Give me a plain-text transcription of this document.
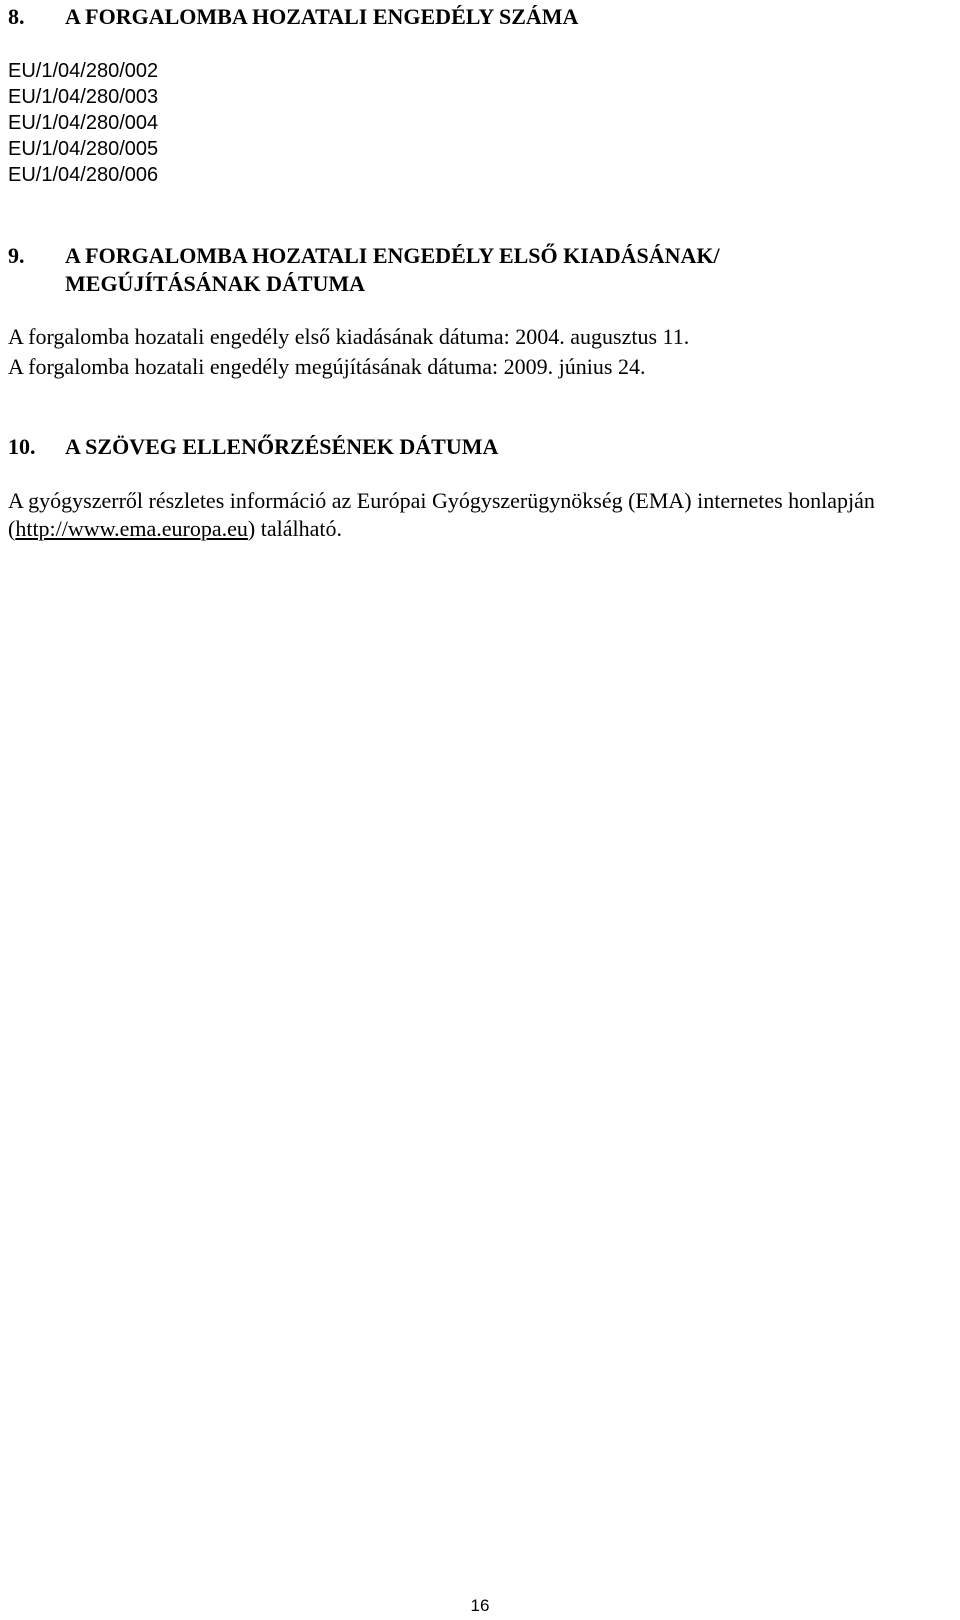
8. A FORGALOMBA HOZATALI ENGEDÉLY SZÁMA
EU/1/04/280/002
EU/1/04/280/003
EU/1/04/280/004
EU/1/04/280/005
EU/1/04/280/006
9. A FORGALOMBA HOZATALI ENGEDÉLY ELSŐ KIADÁSÁNAK/
MEGÚJÍTÁSÁNAK DÁTUMA
A forgalomba hozatali engedély első kiadásának dátuma: 2004. augusztus 11.
A forgalomba hozatali engedély megújításának dátuma: 2009. június 24.
10. A SZÖVEG ELLENŐRZÉSÉNEK DÁTUMA
A gyógyszerről részletes információ az Európai Gyógyszerügynökség (EMA) internetes honlapján
(http://www.ema.europa.eu) található.
16
